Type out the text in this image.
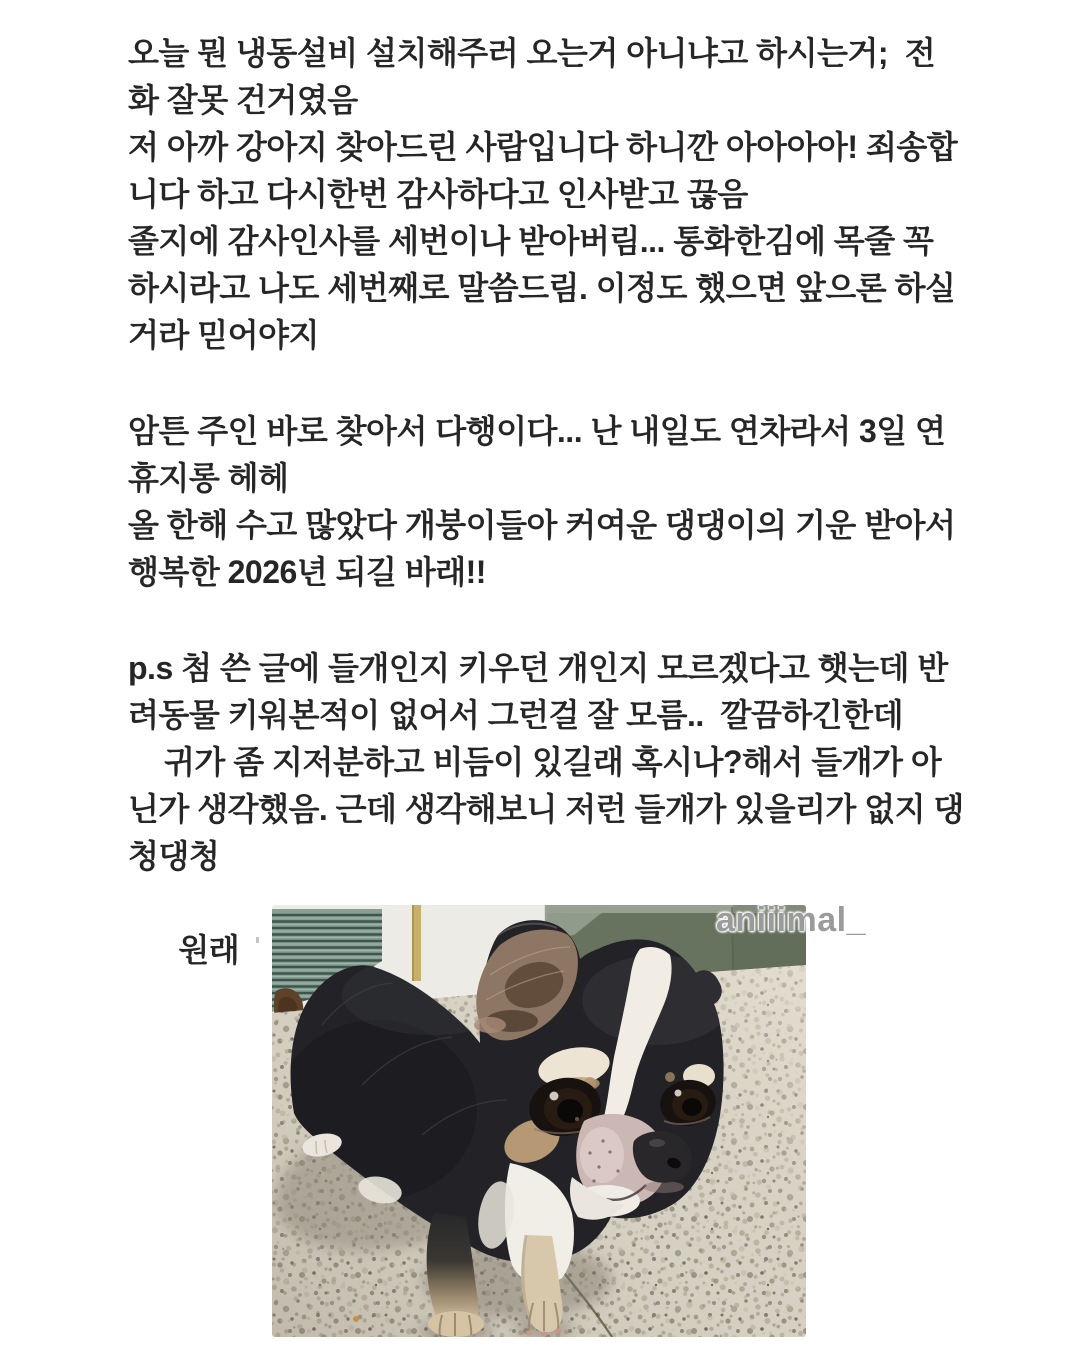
오늘 뭔 냉동설비 설치해주러 오는거 아니냐고 하시는거;  전화 잘못 건거였음
저 아까 강아지 찾아드린 사람입니다 하니깐 아아아아! 죄송합니다 하고 다시한번 감사하다고 인사받고 끊음
졸지에 감사인사를 세번이나 받아버림... 통화한김에 목줄 꼭 하시라고 나도 세번째로 말씀드림. 이정도 했으면 앞으론 하실거라 믿어야지
암튼 주인 바로 찾아서 다행이다... 난 내일도 연차라서 3일 연휴지롱 헤헤
올 한해 수고 많았다 개붕이들아 커여운 댕댕이의 기운 받아서 행복한 2026년 되길 바래!!
p.s 첨 쓴 글에 들개인지 키우던 개인지 모르겠다고 햇는데 반려동물 키워본적이 없어서 그런걸 잘 모름..  깔끔하긴한데
귀가 좀 지저분하고 비듬이 있길래 혹시나?해서 들개가 아닌가 생각했음. 근데 생각해보니 저런 들개가 있을리가 없지 댕청댕청

원래

aniiimal_
